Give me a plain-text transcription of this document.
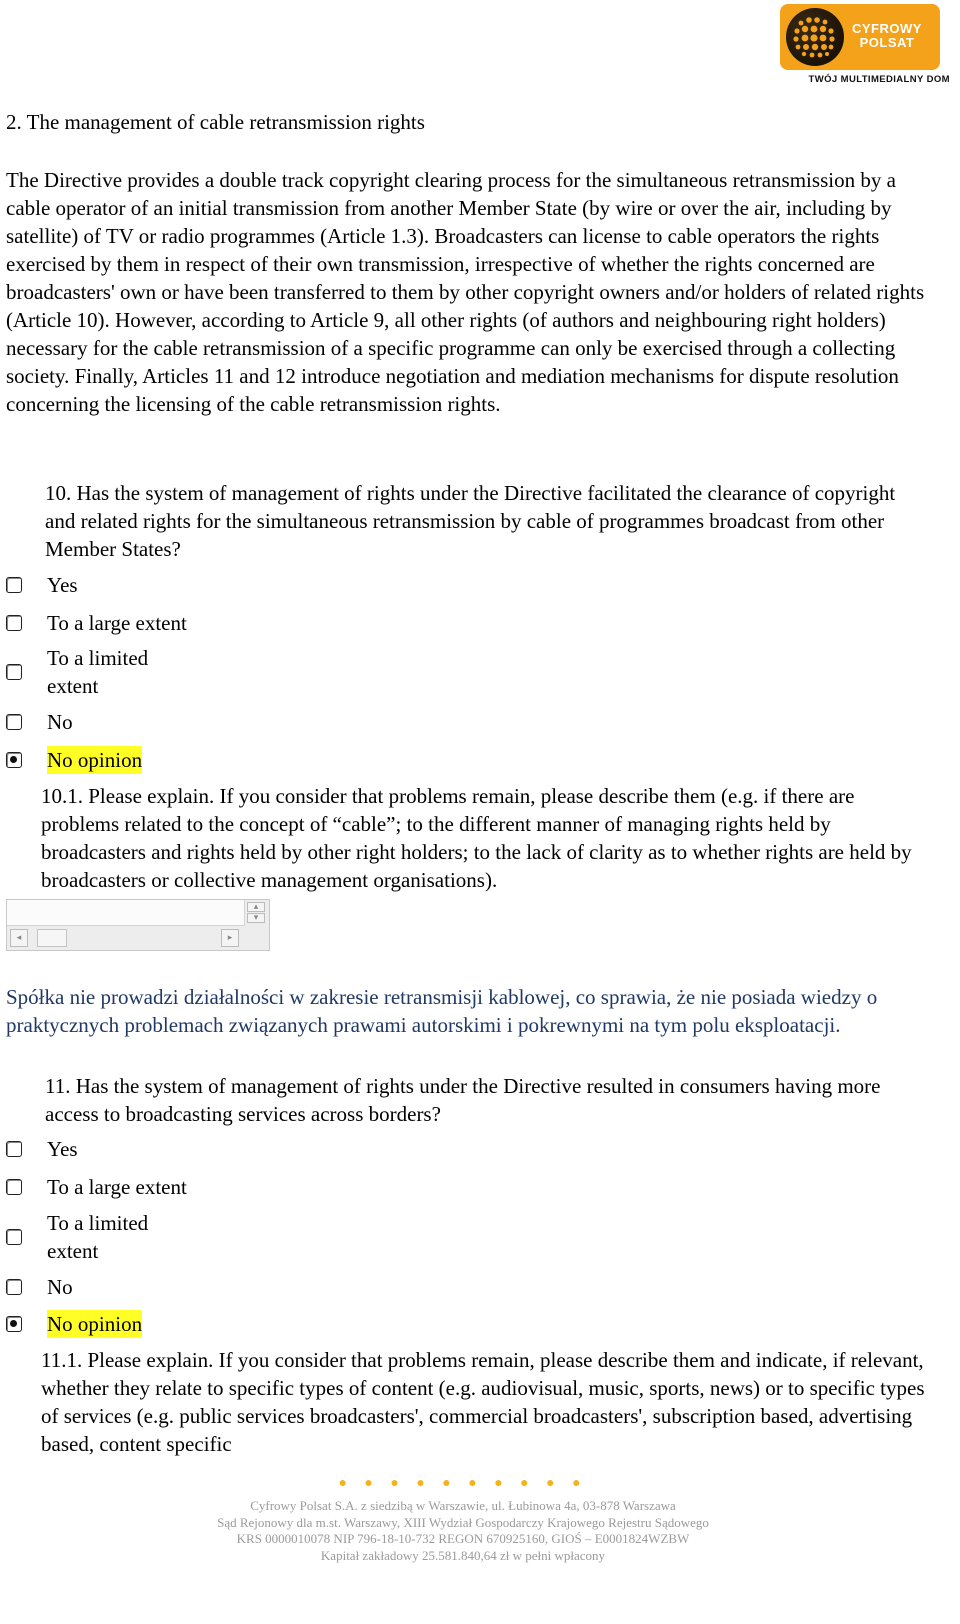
CYFROWY
POLSAT
TWÓJ MULTIMEDIALNY DOM
2. The management of cable retransmission rights

The Directive provides a double track copyright clearing process for the simultaneous retransmission by a cable operator of an initial transmission from another Member State (by wire or over the air, including by satellite) of TV or radio programmes (Article 1.3). Broadcasters can license to cable operators the rights exercised by them in respect of their own transmission, irrespective of whether the rights concerned are broadcasters' own or have been transferred to them by other copyright owners and/or holders of related rights (Article 10). However, according to Article 9, all other rights (of authors and neighbouring right holders) necessary for the cable retransmission of a specific programme can only be exercised through a collecting society. Finally, Articles 11 and 12 introduce negotiation and mediation mechanisms for dispute resolution concerning the licensing of the cable retransmission rights.

10. Has the system of management of rights under the Directive facilitated the clearance of copyright and related rights for the simultaneous retransmission by cable of programmes broadcast from other Member States?

Yes
To a large extent
To a limited extent
No
No opinion

10.1. Please explain. If you consider that problems remain, please describe them (e.g. if there are problems related to the concept of “cable”; to the different manner of managing rights held by broadcasters and rights held by other right holders; to the lack of clarity as to whether rights are held by broadcasters or collective management organisations).

▴
▾
◂	▸

Spółka nie prowadzi działalności w zakresie retransmisji kablowej, co sprawia, że nie posiada wiedzy o praktycznych problemach związanych prawami autorskimi i pokrewnymi na tym polu eksploatacji.

11. Has the system of management of rights under the Directive resulted in consumers having more access to broadcasting services across borders?

Yes
To a large extent
To a limited extent
No
No opinion

11.1. Please explain. If you consider that problems remain, please describe them and indicate, if relevant, whether they relate to specific types of content (e.g. audiovisual, music, sports, news) or to specific types of services (e.g. public services broadcasters', commercial broadcasters', subscription based, advertising based, content specific

● ● ● ● ● ● ● ● ● ●
Cyfrowy Polsat S.A. z siedzibą w Warszawie, ul. Łubinowa 4a, 03-878 Warszawa
Sąd Rejonowy dla m.st. Warszawy, XIII Wydział Gospodarczy Krajowego Rejestru Sądowego
KRS 0000010078 NIP 796-18-10-732 REGON 670925160, GIOŚ – E0001824WZBW
Kapitał zakładowy 25.581.840,64 zł w pełni wpłacony
